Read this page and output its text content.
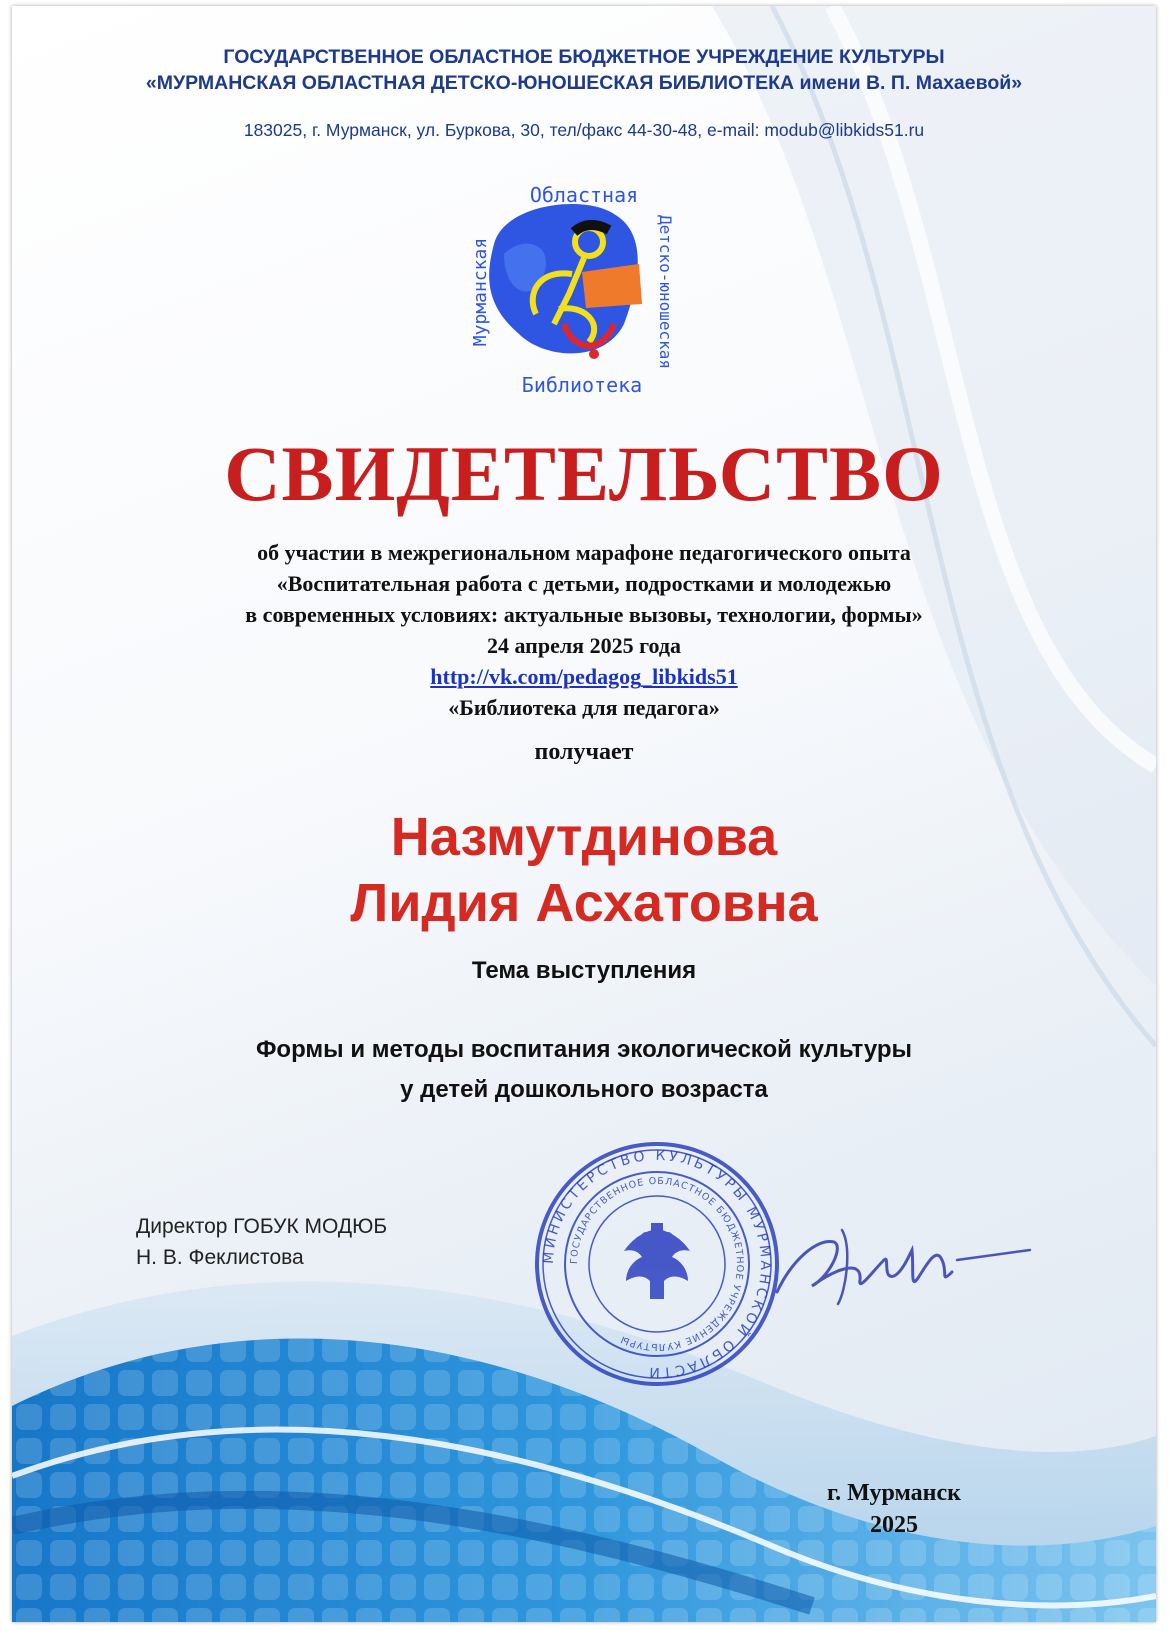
ГОСУДАРСТВЕННОЕ ОБЛАСТНОЕ БЮДЖЕТНОЕ УЧРЕЖДЕНИЕ КУЛЬТУРЫ
«МУРМАНСКАЯ ОБЛАСТНАЯ ДЕТСКО-ЮНОШЕСКАЯ БИБЛИОТЕКА имени В. П. Махаевой»
183025, г. Мурманск, ул. Буркова, 30, тел/факс 44-30-48, e-mail: modub@libkids51.ru
Областная
Библиотека
Мурманская	Детско-юношеская
СВИДЕТЕЛЬСТВО
об участии в межрегиональном марафоне педагогического опыта
«Воспитательная работа с детьми, подростками и молодежью
в современных условиях: актуальные вызовы, технологии, формы»
24 апреля 2025 года
http://vk.com/pedagog_libkids51
«Библиотека для педагога»
получает
Назмутдинова
Лидия Асхатовна
Тема выступления
Формы и методы воспитания экологической культуры
у детей дошкольного возраста
Директор ГОБУК МОДЮБ
Н. В. Феклистова	МИНИСТЕРСТВО КУЛЬТУРЫ МУРМАНСКОЙ ОБЛАСТИ
ГОСУДАРСТВЕННОЕ ОБЛАСТНОЕ БЮДЖЕТНОЕ УЧРЕЖДЕНИЕ КУЛЬТУРЫ
г. Мурманск
2025
